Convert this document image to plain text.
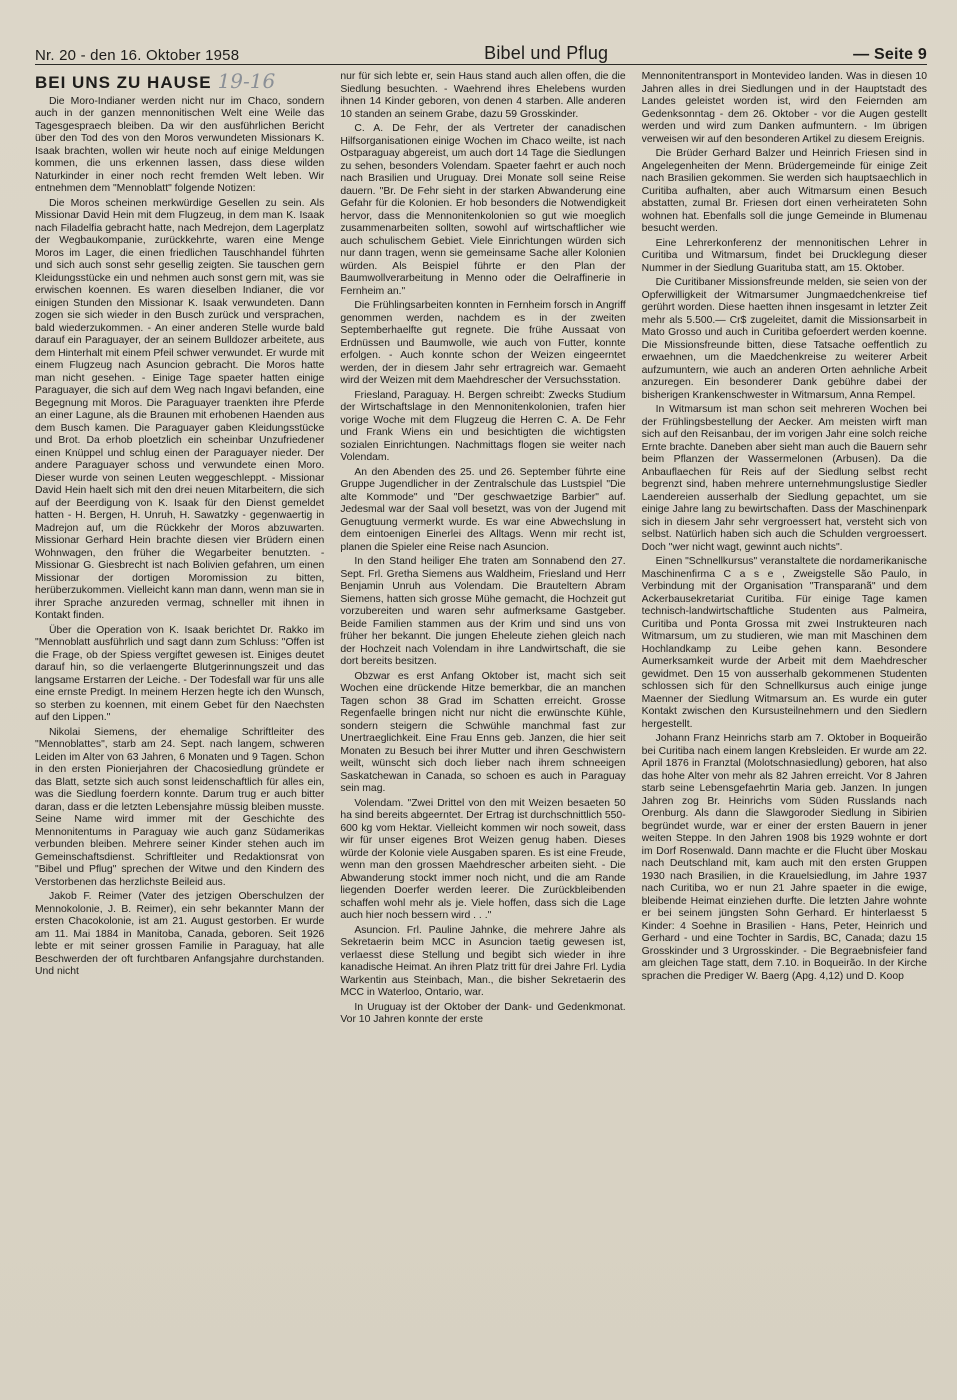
Nr. 20 - den 16. Oktober 1958	Bibel und Pflug	— Seite 9
BEI UNS ZU HAUSE 19-16

Die Moro-Indianer werden nicht nur im Chaco, sondern auch in der ganzen mennonitischen Welt eine Weile das Tagesgespraech bleiben. Da wir den ausführlichen Bericht über den Tod des von den Moros verwundeten Missionars K. Isaak brachten, wollen wir heute noch auf einige Meldungen kommen, die uns erkennen lassen, dass diese wilden Naturkinder in einer noch recht fremden Welt leben. Wir entnehmen dem "Mennoblatt" folgende Notizen:

Die Moros scheinen merkwürdige Gesellen zu sein. Als Missionar David Hein mit dem Flugzeug, in dem man K. Isaak nach Filadelfia gebracht hatte, nach Medrejon, dem Lagerplatz der Wegbaukompanie, zurückkehrte, waren eine Menge Moros im Lager, die einen friedlichen Tauschhandel führten und sich auch sonst sehr gesellig zeigten. Sie tauschen gern Kleidungsstücke ein und nehmen auch sonst gern mit, was sie erwischen koennen. Es waren dieselben Indianer, die vor einigen Stunden den Missionar K. Isaak verwundeten. Dann zogen sie sich wieder in den Busch zurück und versprachen, bald wiederzukommen. - An einer anderen Stelle wurde bald darauf ein Paraguayer, der an seinem Bulldozer arbeitete, aus dem Hinterhalt mit einem Pfeil schwer verwundet. Er wurde mit einem Flugzeug nach Asuncion gebracht. Die Moros hatte man nicht gesehen. - Einige Tage spaeter hatten einige Paraguayer, die sich auf dem Weg nach Ingavi befanden, eine Begegnung mit Moros. Die Paraguayer traenkten ihre Pferde an einer Lagune, als die Braunen mit erhobenen Haenden aus dem Busch kamen. Die Paraguayer gaben Kleidungsstücke und Brot. Da erhob ploetzlich ein scheinbar Unzufriedener einen Knüppel und schlug einen der Paraguayer nieder. Der andere Paraguayer schoss und verwundete einen Moro. Dieser wurde von seinen Leuten weggeschleppt. - Missionar David Hein haelt sich mit den drei neuen Mitarbeitern, die sich auf der Beerdigung von K. Isaak für den Dienst gemeldet hatten - H. Bergen, H. Unruh, H. Sawatzky - gegenwaertig in Madrejon auf, um die Rückkehr der Moros abzuwarten. Missionar Gerhard Hein brachte diesen vier Brüdern einen Wohnwagen, den früher die Wegarbeiter benutzten. - Missionar G. Giesbrecht ist nach Bolivien gefahren, um einen Missionar der dortigen Moromission zu bitten, herüberzukommen. Vielleicht kann man dann, wenn man sie in ihrer Sprache anzureden vermag, schneller mit ihnen in Kontakt finden.

Über die Operation von K. Isaak berichtet Dr. Rakko im "Mennoblatt ausführlich und sagt dann zum Schluss: "Offen ist die Frage, ob der Spiess vergiftet gewesen ist. Einiges deutet darauf hin, so die verlaengerte Blutgerinnungszeit und das langsame Erstarren der Leiche. - Der Todesfall war für uns alle eine ernste Predigt. In meinem Herzen hegte ich den Wunsch, so sterben zu koennen, mit einem Gebet für den Naechsten auf den Lippen."

Nikolai Siemens, der ehemalige Schriftleiter des "Mennoblattes", starb am 24. Sept. nach langem, schweren Leiden im Alter von 63 Jahren, 6 Monaten und 9 Tagen. Schon in den ersten Pionierjahren der Chacosiedlung gründete er das Blatt, setzte sich auch sonst leidenschaftlich für alles ein, was die Siedlung foerdern konnte. Darum trug er auch bitter daran, dass er die letzten Lebensjahre müssig bleiben musste. Seine Name wird immer mit der Geschichte des Mennonitentums in Paraguay wie auch ganz Südamerikas verbunden bleiben. Mehrere seiner Kinder stehen auch im Gemeinschaftsdienst. Schriftleiter und Redaktionsrat von "Bibel und Pflug" sprechen der Witwe und den Kindern des Verstorbenen das herzlichste Beileid aus.

Jakob F. Reimer (Vater des jetzigen Oberschulzen der Mennokolonie, J. B. Reimer), ein sehr bekannter Mann der ersten Chacokolonie, ist am 21. August gestorben. Er wurde am 11. Mai 1884 in Manitoba, Canada, geboren. Seit 1926 lebte er mit seiner grossen Familie in Paraguay, hat alle Beschwerden der oft furchtbaren Anfangsjahre durchstanden. Und nicht

nur für sich lebte er, sein Haus stand auch allen offen, die die Siedlung besuchten. - Waehrend ihres Ehelebens wurden ihnen 14 Kinder geboren, von denen 4 starben. Alle anderen 10 standen an seinem Grabe, dazu 59 Grosskinder.

C. A. De Fehr, der als Vertreter der canadischen Hilfsorganisationen einige Wochen im Chaco weilte, ist nach Ostparaguay abgereist, um auch dort 14 Tage die Siedlungen zu sehen, besonders Volendam. Spaeter faehrt er auch noch nach Brasilien und Uruguay. Drei Monate soll seine Reise dauern. "Br. De Fehr sieht in der starken Abwanderung eine Gefahr für die Kolonien. Er hob besonders die Notwendigkeit hervor, dass die Mennonitenkolonien so gut wie moeglich zusammenarbeiten sollten, sowohl auf wirtschaftlicher wie auch schulischem Gebiet. Viele Einrichtungen würden sich nur dann tragen, wenn sie gemeinsame Sache aller Kolonien würden. Als Beispiel führte er den Plan der Baumwollverarbeitung in Menno oder die Oelraffinerie in Fernheim an."

Die Frühlingsarbeiten konnten in Fernheim forsch in Angriff genommen werden, nachdem es in der zweiten Septemberhaelfte gut regnete. Die frühe Aussaat von Erdnüssen und Baumwolle, wie auch von Futter, konnte erfolgen. - Auch konnte schon der Weizen eingeerntet werden, der in diesem Jahr sehr ertragreich war. Gemaeht wird der Weizen mit dem Maehdrescher der Versuchsstation.

Friesland, Paraguay. H. Bergen schreibt: Zwecks Studium der Wirtschaftslage in den Mennonitenkolonien, trafen hier vorige Woche mit dem Flugzeug die Herren C. A. De Fehr und Frank Wiens ein und besichtigten die wichtigsten sozialen Einrichtungen. Nachmittags flogen sie weiter nach Volendam.

An den Abenden des 25. und 26. September führte eine Gruppe Jugendlicher in der Zentralschule das Lustspiel "Die alte Kommode" und "Der geschwaetzige Barbier" auf. Jedesmal war der Saal voll besetzt, was von der Jugend mit Genugtuung vermerkt wurde. Es war eine Abwechslung in dem eintoenigen Einerlei des Alltags. Wenn mir recht ist, planen die Spieler eine Reise nach Asuncion.

In den Stand heiliger Ehe traten am Sonnabend den 27. Sept. Frl. Gretha Siemens aus Waldheim, Friesland und Herr Benjamin Unruh aus Volendam. Die Brauteltern Abram Siemens, hatten sich grosse Mühe gemacht, die Hochzeit gut vorzubereiten und waren sehr aufmerksame Gastgeber. Beide Familien stammen aus der Krim und sind uns von früher her bekannt. Die jungen Eheleute ziehen gleich nach der Hochzeit nach Volendam in ihre Landwirtschaft, die sie dort bereits besitzen.

Obzwar es erst Anfang Oktober ist, macht sich seit Wochen eine drückende Hitze bemerkbar, die an manchen Tagen schon 38 Grad im Schatten erreicht. Grosse Regenfaelle bringen nicht nur nicht die erwünschte Kühle, sondern steigern die Schwühle manchmal fast zur Unertraeglichkeit. Eine Frau Enns geb. Janzen, die hier seit Monaten zu Besuch bei ihrer Mutter und ihren Geschwistern weilt, wünscht sich doch lieber nach ihrem schneeigen Saskatchewan in Canada, so schoen es auch in Paraguay sein mag.

Volendam. "Zwei Drittel von den mit Weizen besaeten 50 ha sind bereits abgeerntet. Der Ertrag ist durchschnittlich 550-600 kg vom Hektar. Vielleicht kommen wir noch soweit, dass wir für unser eigenes Brot Weizen genug haben. Dieses würde der Kolonie viele Ausgaben sparen. Es ist eine Freude, wenn man den grossen Maehdrescher arbeiten sieht. - Die Abwanderung stockt immer noch nicht, und die am Rande liegenden Doerfer werden leerer. Die Zurückbleibenden schaffen wohl mehr als je. Viele hoffen, dass sich die Lage auch hier noch bessern wird . . ."

Asuncion. Frl. Pauline Jahnke, die mehrere Jahre als Sekretaerin beim MCC in Asuncion taetig gewesen ist, verlaesst diese Stellung und begibt sich wieder in ihre kanadische Heimat. An ihren Platz tritt für drei Jahre Frl. Lydia Warkentin aus Steinbach, Man., die bisher Sekretaerin des MCC in Waterloo, Ontario, war.

In Uruguay ist der Oktober der Dank- und Gedenkmonat. Vor 10 Jahren konnte der erste

Mennonitentransport in Montevideo landen. Was in diesen 10 Jahren alles in drei Siedlungen und in der Hauptstadt des Landes geleistet worden ist, wird den Feiernden am Gedenksonntag - dem 26. Oktober - vor die Augen gestellt werden und wird zum Danken aufmuntern. - Im übrigen verweisen wir auf den besonderen Artikel zu diesem Ereignis.

Die Brüder Gerhard Balzer und Heinrich Friesen sind in Angelegenheiten der Menn. Brüdergemeinde für einige Zeit nach Brasilien gekommen. Sie werden sich hauptsaechlich in Curitiba aufhalten, aber auch Witmarsum einen Besuch abstatten, zumal Br. Friesen dort einen verheirateten Sohn wohnen hat. Ebenfalls soll die junge Gemeinde in Blumenau besucht werden.

Eine Lehrerkonferenz der mennonitischen Lehrer in Curitiba und Witmarsum, findet bei Drucklegung dieser Nummer in der Siedlung Guarituba statt, am 15. Oktober.

Die Curitibaner Missionsfreunde melden, sie seien von der Opferwilligkeit der Witmarsumer Jungmaedchenkreise tief gerührt worden. Diese haetten ihnen insgesamt in letzter Zeit mehr als 5.500.— Cr$ zugeleitet, damit die Missionsarbeit in Mato Grosso und auch in Curitiba gefoerdert werden koenne. Die Missionsfreunde bitten, diese Tatsache oeffentlich zu erwaehnen, um die Maedchenkreise zu weiterer Arbeit aufzumuntern, wie auch an anderen Orten aehnliche Arbeit anzuregen. Ein besonderer Dank gebühre dabei der bisherigen Krankenschwester in Witmarsum, Anna Rempel.

In Witmarsum ist man schon seit mehreren Wochen bei der Frühlingsbestellung der Aecker. Am meisten wirft man sich auf den Reisanbau, der im vorigen Jahr eine solch reiche Ernte brachte. Daneben aber sieht man auch die Bauern sehr beim Pflanzen der Wassermelonen (Arbusen). Da die Anbauflaechen für Reis auf der Siedlung selbst recht begrenzt sind, haben mehrere unternehmungslustige Siedler Laendereien ausserhalb der Siedlung gepachtet, um sie einige Jahre lang zu bewirtschaften. Dass der Maschinenpark sich in diesem Jahr sehr vergroessert hat, versteht sich von selbst. Natürlich haben sich auch die Schulden vergroessert. Doch "wer nicht wagt, gewinnt auch nichts".

Einen "Schnellkursus" veranstaltete die nordamerikanische Maschinenfirma C a s e , Zweigstelle São Paulo, in Verbindung mit der Organisation "Transparanã" und dem Ackerbausekretariat Curitiba. Für einige Tage kamen technisch-landwirtschaftliche Studenten aus Palmeira, Curitiba und Ponta Grossa mit zwei Instrukteuren nach Witmarsum, um zu studieren, wie man mit Maschinen dem Hochlandkamp zu Leibe gehen kann. Besondere Aumerksamkeit wurde der Arbeit mit dem Maehdrescher gewidmet. Den 15 von ausserhalb gekommenen Studenten schlossen sich für den Schnellkursus auch einige junge Maenner der Siedlung Witmarsum an. Es wurde ein guter Kontakt zwischen den Kursusteilnehmern und den Siedlern hergestellt.

Johann Franz Heinrichs starb am 7. Oktober in Boqueirão bei Curitiba nach einem langen Krebsleiden. Er wurde am 22. April 1876 in Franztal (Molotschnasiedlung) geboren, hat also das hohe Alter von mehr als 82 Jahren erreicht. Vor 8 Jahren starb seine Lebensgefaehrtin Maria geb. Janzen. In jungen Jahren zog Br. Heinrichs vom Süden Russlands nach Orenburg. Als dann die Slawgoroder Siedlung in Sibirien begründet wurde, war er einer der ersten Bauern in jener weiten Steppe. In den Jahren 1908 bis 1929 wohnte er dort im Dorf Rosenwald. Dann machte er die Flucht über Moskau nach Deutschland mit, kam auch mit den ersten Gruppen 1930 nach Brasilien, in die Krauelsiedlung, im Jahre 1937 nach Curitiba, wo er nun 21 Jahre spaeter in die ewige, bleibende Heimat einziehen durfte. Die letzten Jahre wohnte er bei seinem jüngsten Sohn Gerhard. Er hinterlaesst 5 Kinder: 4 Soehne in Brasilien - Hans, Peter, Heinrich und Gerhard - und eine Tochter in Sardis, BC, Canada; dazu 15 Grosskinder und 3 Urgrosskinder. - Die Begraebnisfeier fand am gleichen Tage statt, dem 7.10. in Boqueirão. In der Kirche sprachen die Prediger W. Baerg (Apg. 4,12) und D. Koop
